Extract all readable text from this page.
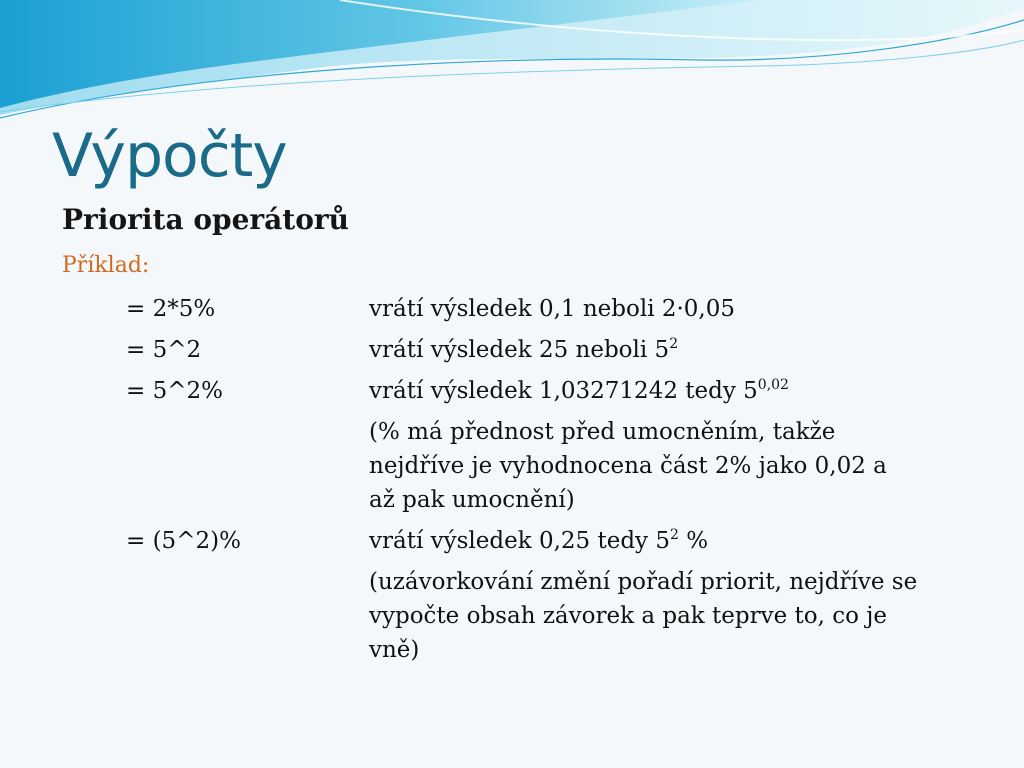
Výpočty
Priorita operátorů
Příklad:
= 2*5%	vrátí výsledek 0,1 neboli 2·0,05
= 5^2	vrátí výsledek 25 neboli $5^2$
= 5^2%	vrátí výsledek 1,03271242 tedy 5$^{0,02}$
(% má přednost před umocněním, takže
nejdříve je vyhodnocena část 2% jako 0,02 a
až pak umocnění)
= (5^2)%	vrátí výsledek 0,25 tedy $5^2$ %
(uzávorkování změní pořadí priorit, nejdříve se
vypočte obsah závorek a pak teprve to, co je
vně)
